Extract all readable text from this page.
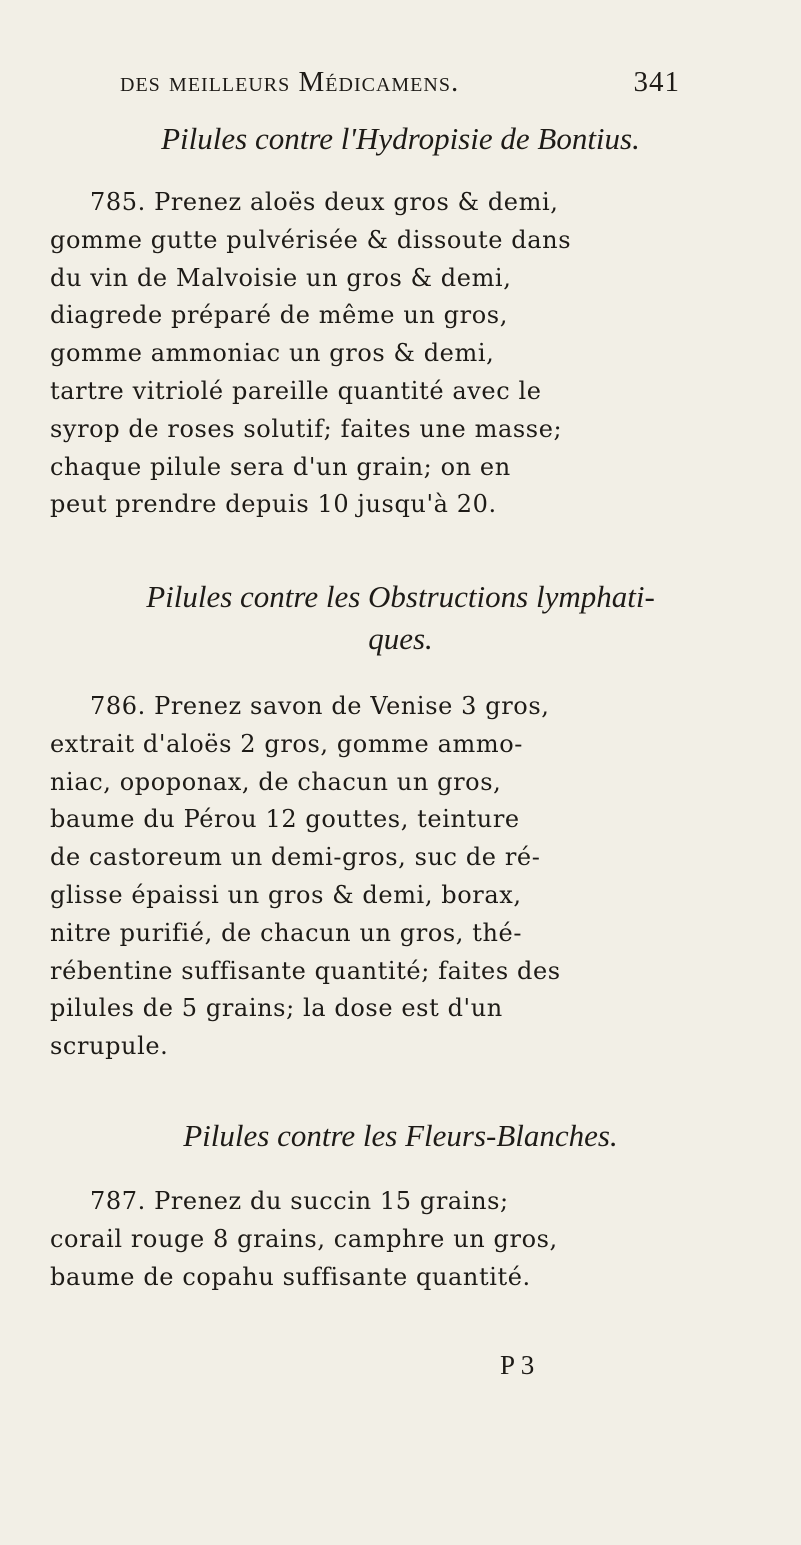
des meilleurs Médicamens.	341
Pilules contre l'Hydropisie de Bontius.

785. Prenez aloës deux gros & demi,
gomme gutte pulvérisée & dissoute dans
du vin de Malvoisie un gros & demi,
diagrede préparé de même un gros,
gomme ammoniac un gros & demi,
tartre vitriolé pareille quantité avec le
syrop de roses solutif; faites une masse;
chaque pilule sera d'un grain; on en
peut prendre depuis 10 jusqu'à 20.

Pilules contre les Obstructions lymphati-
ques.

786. Prenez savon de Venise 3 gros,
extrait d'aloës 2 gros, gomme ammo-
niac, opoponax, de chacun un gros,
baume du Pérou 12 gouttes, teinture
de castoreum un demi-gros, suc de ré-
glisse épaissi un gros & demi, borax,
nitre purifié, de chacun un gros, thé-
rébentine suffisante quantité; faites des
pilules de 5 grains; la dose est d'un
scrupule.

Pilules contre les Fleurs-Blanches.

787. Prenez du succin 15 grains;
corail rouge 8 grains, camphre un gros,
baume de copahu suffisante quantité.

P 3
